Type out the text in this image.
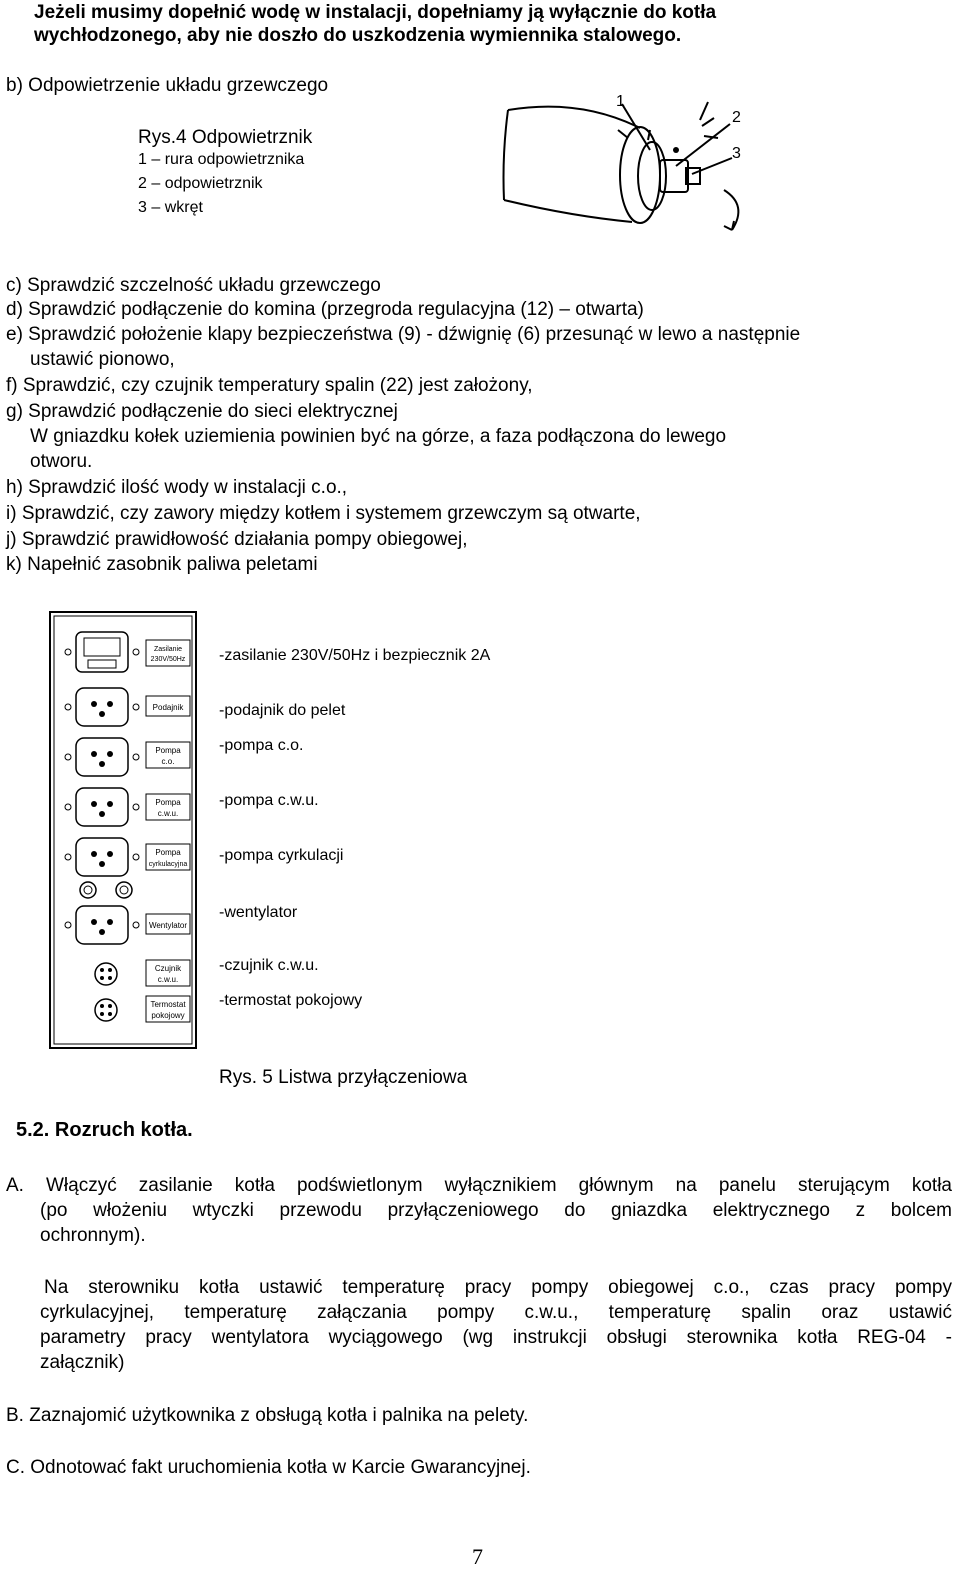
Jeżeli musimy dopełnić wodę w instalacji, dopełniamy ją wyłącznie do kotła
wychłodzonego, aby nie doszło do uszkodzenia wymiennika stalowego.
b) Odpowietrzenie układu grzewczego
Rys.4 Odpowietrznik
1 – rura odpowietrznika
2 – odpowietrznik
3 – wkręt
1
2
3
c) Sprawdzić szczelność układu grzewczego
d) Sprawdzić podłączenie do komina (przegroda regulacyjna (12) – otwarta)
e) Sprawdzić położenie klapy bezpieczeństwa (9) - dźwignię (6) przesunąć w lewo a następnie
ustawić pionowo,
f) Sprawdzić, czy czujnik temperatury spalin (22) jest założony,
g) Sprawdzić podłączenie do sieci elektrycznej
W gniazdku kołek uziemienia powinien być na górze, a faza podłączona do lewego
otworu.
h) Sprawdzić ilość wody w instalacji c.o.,
i) Sprawdzić, czy zawory między kotłem i systemem grzewczym są otwarte,
j) Sprawdzić prawidłowość działania pompy obiegowej,
k) Napełnić zasobnik paliwa peletami
Zasilanie
230V/50Hz
Podajnik
Pompa
c.o.
Pompa
c.w.u.
Pompa
cyrkulacyjna
Wentylator
Czujnik
c.w.u.
Termostat
pokojowy
-zasilanie 230V/50Hz i bezpiecznik 2A
-podajnik do pelet
-pompa c.o.
-pompa c.w.u.
-pompa cyrkulacji
-wentylator
-czujnik c.w.u.
-termostat pokojowy
Rys. 5 Listwa przyłączeniowa
5.2. Rozruch kotła.
A. Włączyć zasilanie kotła podświetlonym wyłącznikiem głównym na panelu sterującym kotła
(po włożeniu wtyczki przewodu przyłączeniowego do gniazdka elektrycznego z bolcem
ochronnym).
Na sterowniku kotła ustawić temperaturę pracy pompy obiegowej c.o., czas pracy pompy
cyrkulacyjnej, temperaturę załączania pompy c.w.u., temperaturę spalin oraz ustawić
parametry pracy wentylatora wyciągowego (wg instrukcji obsługi sterownika kotła REG-04 -
załącznik)
B. Zaznajomić użytkownika z obsługą kotła i palnika na pelety.
C. Odnotować fakt uruchomienia kotła w Karcie Gwarancyjnej.
7
